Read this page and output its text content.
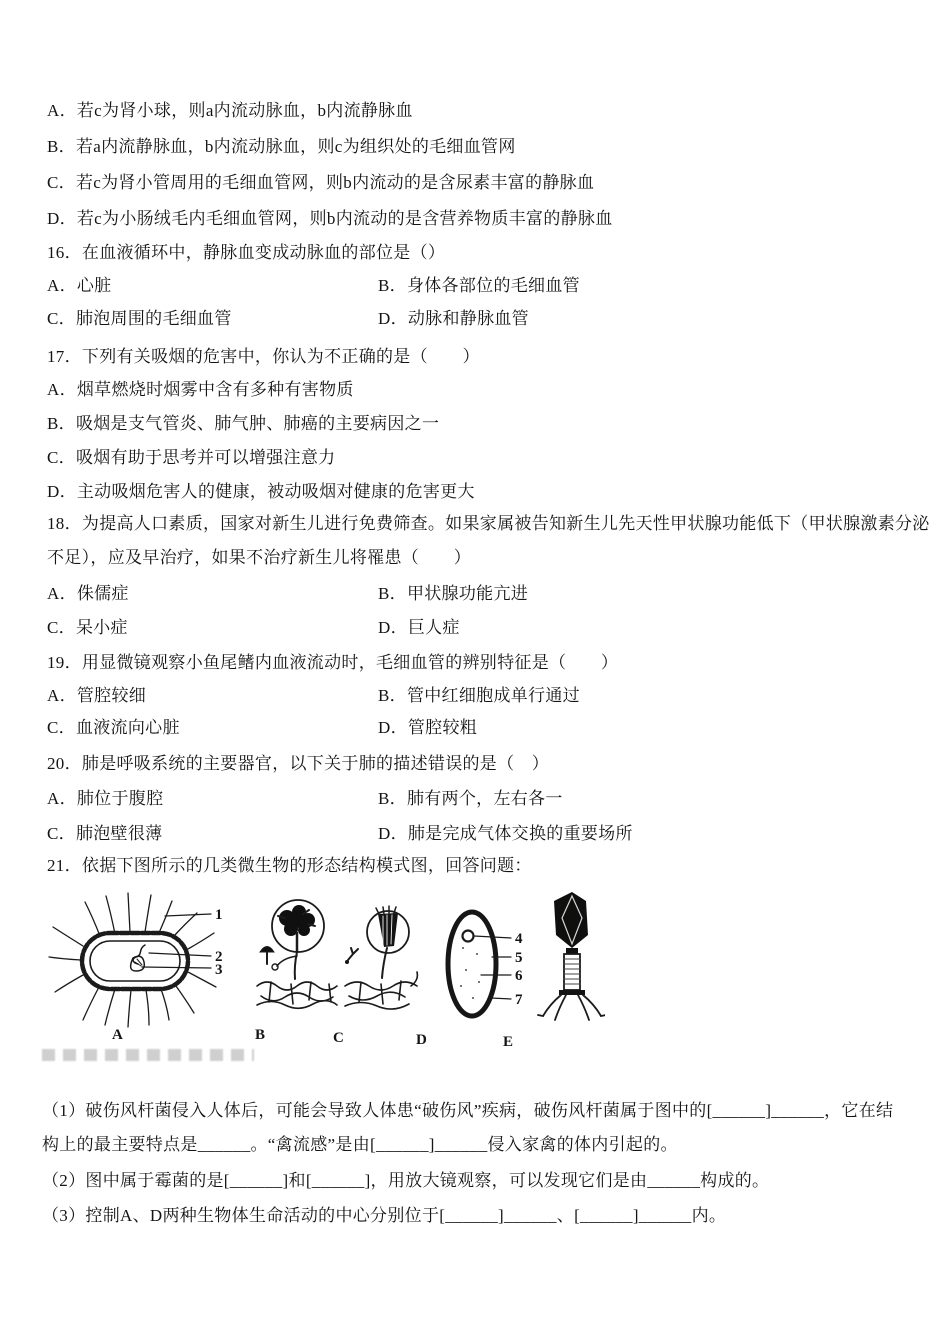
A．若c为肾小球，则a内流动脉血，b内流静脉血
B．若a内流静脉血，b内流动脉血，则c为组织处的毛细血管网
C．若c为肾小管周用的毛细血管网，则b内流动的是含尿素丰富的静脉血
D．若c为小肠绒毛内毛细血管网，则b内流动的是含营养物质丰富的静脉血
16．在血液循环中，静脉血变成动脉血的部位是（）
A．心脏	B．身体各部位的毛细血管
C．肺泡周围的毛细血管	D．动脉和静脉血管
17．下列有关吸烟的危害中，你认为不正确的是（　　）
A．烟草燃烧时烟雾中含有多种有害物质
B．吸烟是支气管炎、肺气肿、肺癌的主要病因之一
C．吸烟有助于思考并可以增强注意力
D．主动吸烟危害人的健康，被动吸烟对健康的危害更大
18．为提高人口素质，国家对新生儿进行免费筛查。如果家属被告知新生儿先天性甲状腺功能低下（甲状腺激素分泌
不足），应及早治疗，如果不治疗新生儿将罹患（　　）
A．侏儒症	B．甲状腺功能亢进
C．呆小症	D．巨人症
19．用显微镜观察小鱼尾鳍内血液流动时，毛细血管的辨别特征是（　　）
A．管腔较细	B．管中红细胞成单行通过
C．血液流向心脏	D．管腔较粗
20．肺是呼吸系统的主要器官，以下关于肺的描述错误的是（　）
A．肺位于腹腔	B．肺有两个，左右各一
C．肺泡壁很薄	D．肺是完成气体交换的重要场所
21．依据下图所示的几类微生物的形态结构模式图，回答问题：
1
2
3
4
5
6
7
A	B	C	D	E
（1）破伤风杆菌侵入人体后，可能会导致人体患“破伤风”疾病，破伤风杆菌属于图中的[______]______，它在结
构上的最主要特点是______。“禽流感”是由[______]______侵入家禽的体内引起的。
（2）图中属于霉菌的是[______]和[______]，用放大镜观察，可以发现它们是由______构成的。
（3）控制A、D两种生物体生命活动的中心分别位于[______]______、[______]______内。
